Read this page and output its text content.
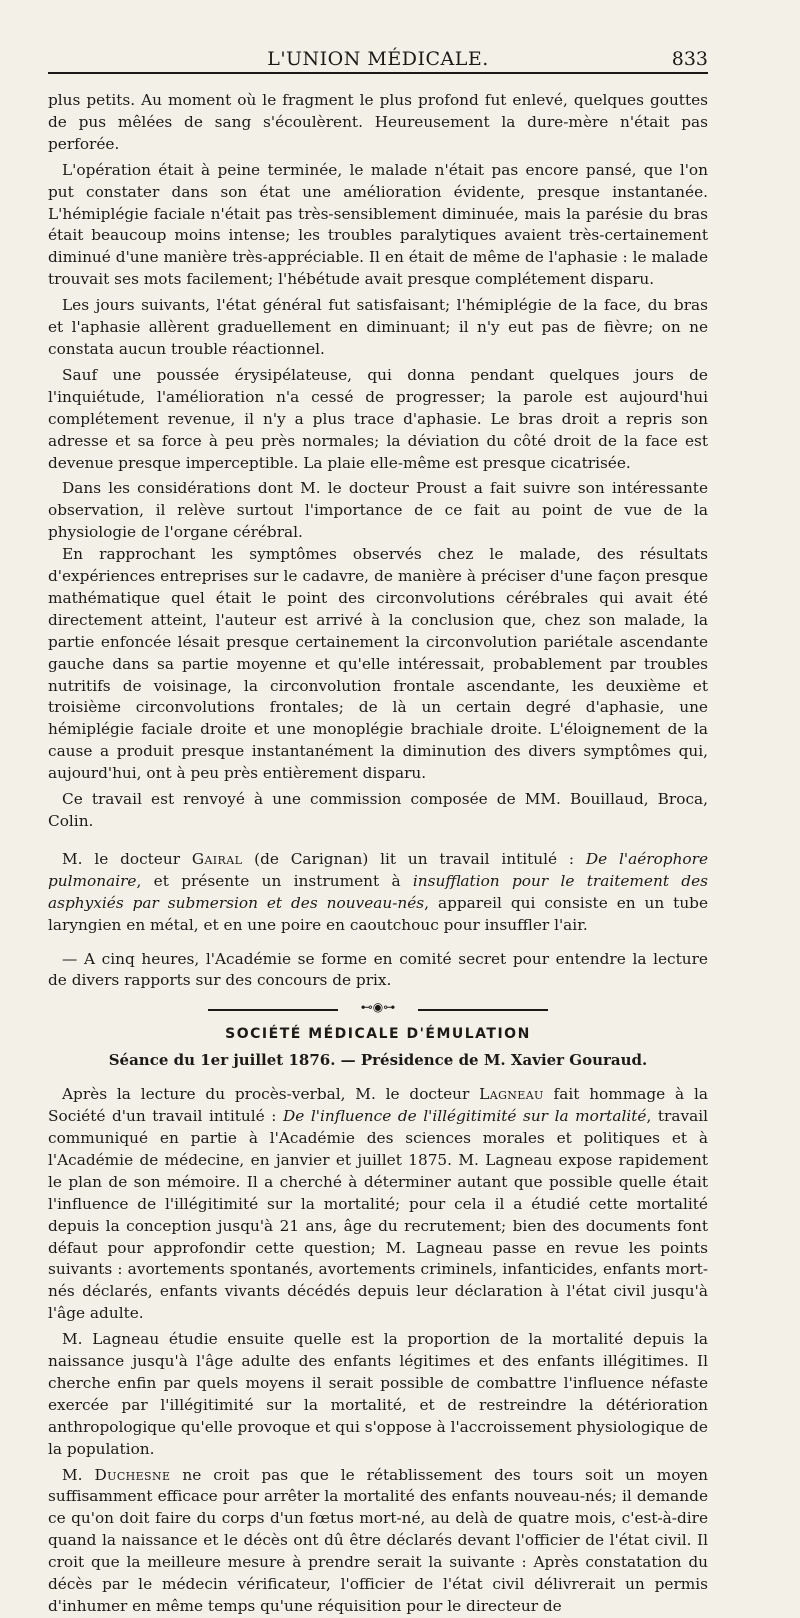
L'UNION MÉDICALE.	833

plus petits. Au moment où le fragment le plus profond fut enlevé, quelques gouttes de pus mêlées de sang s'écoulèrent. Heureusement la dure-mère n'était pas perforée.

L'opération était à peine terminée, le malade n'était pas encore pansé, que l'on put constater dans son état une amélioration évidente, presque instantanée. L'hémiplégie faciale n'était pas très-sensiblement diminuée, mais la parésie du bras était beaucoup moins intense; les troubles paralytiques avaient très-certainement diminué d'une manière très-appréciable. Il en était de même de l'aphasie : le malade trouvait ses mots facilement; l'hébétude avait presque complétement disparu.

Les jours suivants, l'état général fut satisfaisant; l'hémiplégie de la face, du bras et l'aphasie allèrent graduellement en diminuant; il n'y eut pas de fièvre; on ne constata aucun trouble réactionnel.

Sauf une poussée érysipélateuse, qui donna pendant quelques jours de l'inquiétude, l'amélioration n'a cessé de progresser; la parole est aujourd'hui complétement revenue, il n'y a plus trace d'aphasie. Le bras droit a repris son adresse et sa force à peu près normales; la déviation du côté droit de la face est devenue presque imperceptible. La plaie elle-même est presque cicatrisée.

Dans les considérations dont M. le docteur Proust a fait suivre son intéressante observation, il relève surtout l'importance de ce fait au point de vue de la physiologie de l'organe cérébral.

En rapprochant les symptômes observés chez le malade, des résultats d'expériences entreprises sur le cadavre, de manière à préciser d'une façon presque mathématique quel était le point des circonvolutions cérébrales qui avait été directement atteint, l'auteur est arrivé à la conclusion que, chez son malade, la partie enfoncée lésait presque certainement la circonvolution pariétale ascendante gauche dans sa partie moyenne et qu'elle intéressait, probablement par troubles nutritifs de voisinage, la circonvolution frontale ascendante, les deuxième et troisième circonvolutions frontales; de là un certain degré d'aphasie, une hémiplégie faciale droite et une monoplégie brachiale droite. L'éloignement de la cause a produit presque instantanément la diminution des divers symptômes qui, aujourd'hui, ont à peu près entièrement disparu.

Ce travail est renvoyé à une commission composée de MM. Bouillaud, Broca, Colin.

M. le docteur Gairal (de Carignan) lit un travail intitulé : De l'aérophore pulmonaire, et présente un instrument à insufflation pour le traitement des asphyxiés par submersion et des nouveau-nés, appareil qui consiste en un tube laryngien en métal, et en une poire en caoutchouc pour insuffler l'air.

— A cinq heures, l'Académie se forme en comité secret pour entendre la lecture de divers rapports sur des concours de prix.

⊷◉⊶
SOCIÉTÉ MÉDICALE D'ÉMULATION
Séance du 1er juillet 1876. — Présidence de M. Xavier Gouraud.

Après la lecture du procès-verbal, M. le docteur Lagneau fait hommage à la Société d'un travail intitulé : De l'influence de l'illégitimité sur la mortalité, travail communiqué en partie à l'Académie des sciences morales et politiques et à l'Académie de médecine, en janvier et juillet 1875. M. Lagneau expose rapidement le plan de son mémoire. Il a cherché à déterminer autant que possible quelle était l'influence de l'illégitimité sur la mortalité; pour cela il a étudié cette mortalité depuis la conception jusqu'à 21 ans, âge du recrutement; bien des documents font défaut pour approfondir cette question; M. Lagneau passe en revue les points suivants : avortements spontanés, avortements criminels, infanticides, enfants mort-nés déclarés, enfants vivants décédés depuis leur déclaration à l'état civil jusqu'à l'âge adulte.

M. Lagneau étudie ensuite quelle est la proportion de la mortalité depuis la naissance jusqu'à l'âge adulte des enfants légitimes et des enfants illégitimes. Il cherche enfin par quels moyens il serait possible de combattre l'influence néfaste exercée par l'illégitimité sur la mortalité, et de restreindre la détérioration anthropologique qu'elle provoque et qui s'oppose à l'accroissement physiologique de la population.

M. Duchesne ne croit pas que le rétablissement des tours soit un moyen suffisamment efficace pour arrêter la mortalité des enfants nouveau-nés; il demande ce qu'on doit faire du corps d'un fœtus mort-né, au delà de quatre mois, c'est-à-dire quand la naissance et le décès ont dû être déclarés devant l'officier de l'état civil. Il croit que la meilleure mesure à prendre serait la suivante : Après constatation du décès par le médecin vérificateur, l'officier de l'état civil délivrerait un permis d'inhumer en même temps qu'une réquisition pour le directeur de
